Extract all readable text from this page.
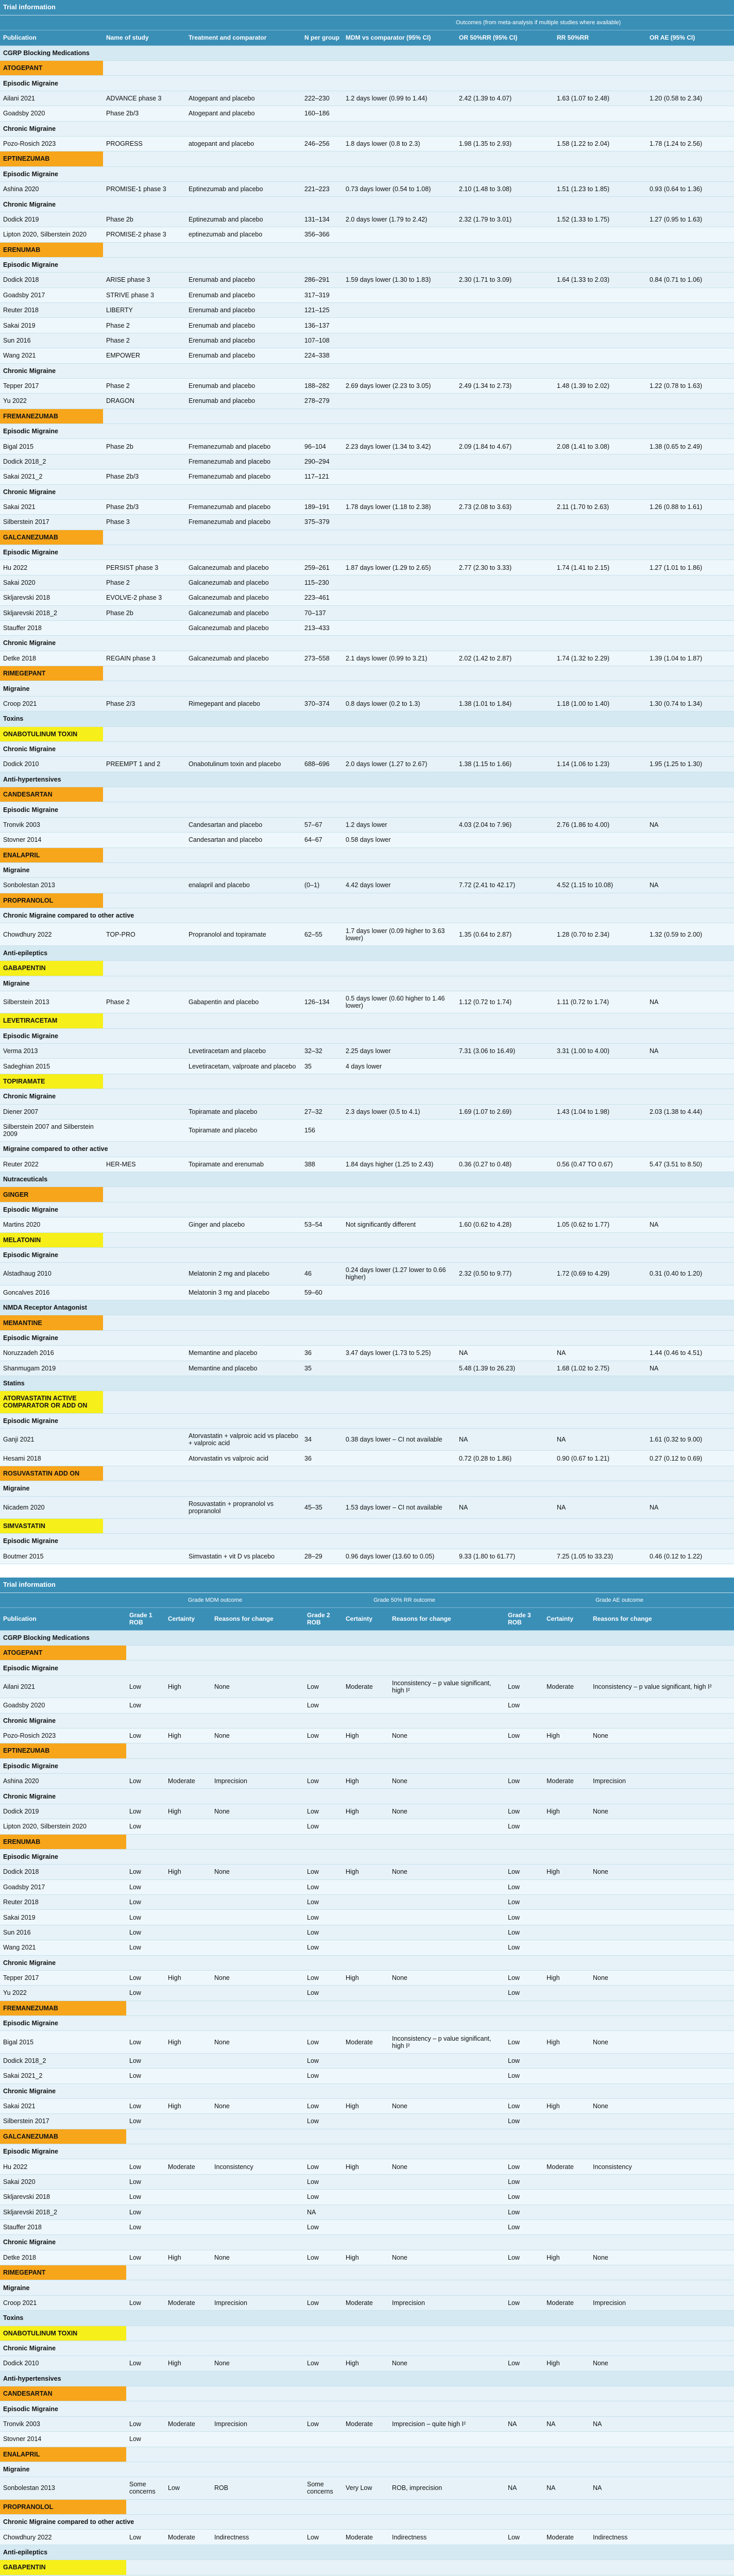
Trial information							
				Outcomes (from meta-analysis if multiple studies where available)			
Publication	Name of study	Treatment and comparator	N per group	MDM vs comparator (95% CI)	OR 50%RR (95% CI)	RR 50%RR	OR AE (95% CI)
CGRP Blocking Medications							
ATOGEPANT							
Episodic Migraine							
Ailani 2021	ADVANCE phase 3	Atogepant and placebo	222–230	1.2 days lower (0.99 to 1.44)	2.42 (1.39 to 4.07)	1.63 (1.07 to 2.48)	1.20 (0.58 to 2.34)
Goadsby 2020	Phase 2b/3	Atogepant and placebo	160–186				
Chronic Migraine							
Pozo-Rosich 2023	PROGRESS	atogepant and placebo	246–256	1.8 days lower (0.8 to 2.3)	1.98 (1.35 to 2.93)	1.58 (1.22 to 2.04)	1.78 (1.24 to 2.56)
EPTINEZUMAB							
Episodic Migraine							
Ashina 2020	PROMISE-1 phase 3	Eptinezumab and placebo	221–223	0.73 days lower (0.54 to 1.08)	2.10 (1.48 to 3.08)	1.51 (1.23 to 1.85)	0.93 (0.64 to 1.36)
Chronic Migraine							
Dodick 2019	Phase 2b	Eptinezumab and placebo	131–134	2.0 days lower (1.79 to 2.42)	2.32 (1.79 to 3.01)	1.52 (1.33 to 1.75)	1.27 (0.95 to 1.63)
Lipton 2020, Silberstein 2020	PROMISE-2 phase 3	eptinezumab and placebo	356–366				
ERENUMAB							
Episodic Migraine							
Dodick 2018	ARISE phase 3	Erenumab and placebo	286–291	1.59 days lower (1.30 to 1.83)	2.30 (1.71 to 3.09)	1.64 (1.33 to 2.03)	0.84 (0.71 to 1.06)
Goadsby 2017	STRIVE phase 3	Erenumab and placebo	317–319				
Reuter 2018	LIBERTY	Erenumab and placebo	121–125				
Sakai 2019	Phase 2	Erenumab and placebo	136–137				
Sun 2016	Phase 2	Erenumab and placebo	107–108				
Wang 2021	EMPOWER	Erenumab and placebo	224–338				
Chronic Migraine							
Tepper 2017	Phase 2	Erenumab and placebo	188–282	2.69 days lower (2.23 to 3.05)	2.49 (1.34 to 2.73)	1.48 (1.39 to 2.02)	1.22 (0.78 to 1.63)
Yu 2022	DRAGON	Erenumab and placebo	278–279				
FREMANEZUMAB							
Episodic Migraine							
Bigal 2015	Phase 2b	Fremanezumab and placebo	96–104	2.23 days lower (1.34 to 3.42)	2.09 (1.84 to 4.67)	2.08 (1.41 to 3.08)	1.38 (0.65 to 2.49)
Dodick 2018_2		Fremanezumab and placebo	290–294				
Sakai 2021_2	Phase 2b/3	Fremanezumab and placebo	117–121				
Chronic Migraine							
Sakai 2021	Phase 2b/3	Fremanezumab and placebo	189–191	1.78 days lower (1.18 to 2.38)	2.73 (2.08 to 3.63)	2.11 (1.70 to 2.63)	1.26 (0.88 to 1.61)
Silberstein 2017	Phase 3	Fremanezumab and placebo	375–379				
GALCANEZUMAB							
Episodic Migraine							
Hu 2022	PERSIST phase 3	Galcanezumab and placebo	259–261	1.87 days lower (1.29 to 2.65)	2.77 (2.30 to 3.33)	1.74 (1.41 to 2.15)	1.27 (1.01 to 1.86)
Sakai 2020	Phase 2	Galcanezumab and placebo	115–230				
Skljarevski 2018	EVOLVE-2 phase 3	Galcanezumab and placebo	223–461				
Skljarevski 2018_2	Phase 2b	Galcanezumab and placebo	70–137				
Stauffer 2018		Galcanezumab and placebo	213–433				
Chronic Migraine							
Detke 2018	REGAIN phase 3	Galcanezumab and placebo	273–558	2.1 days lower (0.99 to 3.21)	2.02 (1.42 to 2.87)	1.74 (1.32 to 2.29)	1.39 (1.04 to 1.87)
RIMEGEPANT							
Migraine							
Croop 2021	Phase 2/3	Rimegepant and placebo	370–374	0.8 days lower (0.2 to 1.3)	1.38 (1.01 to 1.84)	1.18 (1.00 to 1.40)	1.30 (0.74 to 1.34)
Toxins							
ONABOTULINUM TOXIN							
Chronic Migraine							
Dodick 2010	PREEMPT 1 and 2	Onabotulinum toxin and placebo	688–696	2.0 days lower (1.27 to 2.67)	1.38 (1.15 to 1.66)	1.14 (1.06 to 1.23)	1.95 (1.25 to 1.30)
Anti-hypertensives							
CANDESARTAN							
Episodic Migraine							
Tronvik 2003		Candesartan and placebo	57–67	1.2 days lower	4.03 (2.04 to 7.96)	2.76 (1.86 to 4.00)	NA
Stovner 2014		Candesartan and placebo	64–67	0.58 days lower			
ENALAPRIL							
Migraine							
Sonbolestan 2013		enalapril and placebo	(0–1)	4.42 days lower	7.72 (2.41 to 42.17)	4.52 (1.15 to 10.08)	NA
PROPRANOLOL							
Chronic Migraine compared to other active							
Chowdhury 2022	TOP-PRO	Propranolol and topiramate	62–55	1.7 days lower (0.09 higher to 3.63 lower)	1.35 (0.64 to 2.87)	1.28 (0.70 to 2.34)	1.32 (0.59 to 2.00)
Anti-epileptics							
GABAPENTIN							
Migraine							
Silberstein 2013	Phase 2	Gabapentin and placebo	126–134	0.5 days lower (0.60 higher to 1.46 lower)	1.12 (0.72 to 1.74)	1.11 (0.72 to 1.74)	NA
LEVETIRACETAM							
Episodic Migraine							
Verma 2013		Levetiracetam and placebo	32–32	2.25 days lower	7.31 (3.06 to 16.49)	3.31 (1.00 to 4.00)	NA
Sadeghian 2015		Levetiracetam, valproate and placebo	35	4 days lower			
TOPIRAMATE							
Chronic Migraine							
Diener 2007		Topiramate and placebo	27–32	2.3 days lower (0.5 to 4.1)	1.69 (1.07 to 2.69)	1.43 (1.04 to 1.98)	2.03 (1.38 to 4.44)
Silberstein 2007 and Silberstein 2009		Topiramate and placebo	156				
Migraine compared to other active							
Reuter 2022	HER-MES	Topiramate and erenumab	388	1.84 days higher (1.25 to 2.43)	0.36 (0.27 to 0.48)	0.56 (0.47 TO 0.67)	5.47 (3.51 to 8.50)
Nutraceuticals							
GINGER							
Episodic Migraine							
Martins 2020		Ginger and placebo	53–54	Not significantly different	1.60 (0.62 to 4.28)	1.05 (0.62 to 1.77)	NA
MELATONIN							
Episodic Migraine							
Alstadhaug 2010		Melatonin 2 mg and placebo	46	0.24 days lower (1.27 lower to 0.66 higher)	2.32 (0.50 to 9.77)	1.72 (0.69 to 4.29)	0.31 (0.40 to 1.20)
Goncalves 2016		Melatonin 3 mg and placebo	59–60				
NMDA Receptor Antagonist							
MEMANTINE							
Episodic Migraine							
Noruzzadeh 2016		Memantine and placebo	36	3.47 days lower (1.73 to 5.25)	NA	NA	1.44 (0.46 to 4.51)
Shanmugam 2019		Memantine and placebo	35		5.48 (1.39 to 26.23)	1.68 (1.02 to 2.75)	NA
Statins							
ATORVASTATIN ACTIVE COMPARATOR OR ADD ON							
Episodic Migraine							
Ganji 2021		Atorvastatin + valproic acid vs placebo + valproic acid	34	0.38 days lower – CI not available	NA	NA	1.61 (0.32 to 9.00)
Hesami 2018		Atorvastatin vs valproic acid	36		0.72 (0.28 to 1.86)	0.90 (0.67 to 1.21)	0.27 (0.12 to 0.69)
ROSUVASTATIN ADD ON							
Migraine							
Nicadem 2020		Rosuvastatin + propranolol vs propranolol	45–35	1.53 days lower – CI not available	NA	NA	NA
SIMVASTATIN							
Episodic Migraine							
Boutmer 2015		Simvastatin + vit D vs placebo	28–29	0.96 days lower (13.60 to 0.05)	9.33 (1.80 to 61.77)	7.25 (1.05 to 33.23)	0.46 (0.12 to 1.22)
Trial information									
	Grade MDM outcome			Grade 50% RR outcome			Grade AE outcome		
Publication	Grade 1 ROB	Certainty	Reasons for change	Grade 2 ROB	Certainty	Reasons for change	Grade 3 ROB	Certainty	Reasons for change
CGRP Blocking Medications									
ATOGEPANT									
Episodic Migraine									
Ailani 2021	Low	High	None	Low	Moderate	Inconsistency – p value significant, high I²	Low	Moderate	Inconsistency – p value significant, high I²
Goadsby 2020	Low			Low			Low		
Chronic Migraine									
Pozo-Rosich 2023	Low	High	None	Low	High	None	Low	High	None
EPTINEZUMAB									
Episodic Migraine									
Ashina 2020	Low	Moderate	Imprecision	Low	High	None	Low	Moderate	Imprecision
Chronic Migraine									
Dodick 2019	Low	High	None	Low	High	None	Low	High	None
Lipton 2020, Silberstein 2020	Low			Low			Low		
ERENUMAB									
Episodic Migraine									
Dodick 2018	Low	High	None	Low	High	None	Low	High	None
Goadsby 2017	Low			Low			Low		
Reuter 2018	Low			Low			Low		
Sakai 2019	Low			Low			Low		
Sun 2016	Low			Low			Low		
Wang 2021	Low			Low			Low		
Chronic Migraine									
Tepper 2017	Low	High	None	Low	High	None	Low	High	None
Yu 2022	Low			Low			Low		
FREMANEZUMAB									
Episodic Migraine									
Bigal 2015	Low	High	None	Low	Moderate	Inconsistency – p value significant, high I²	Low	High	None
Dodick 2018_2	Low			Low			Low		
Sakai 2021_2	Low			Low			Low		
Chronic Migraine									
Sakai 2021	Low	High	None	Low	High	None	Low	High	None
Silberstein 2017	Low			Low			Low		
GALCANEZUMAB									
Episodic Migraine									
Hu 2022	Low	Moderate	Inconsistency	Low	High	None	Low	Moderate	Inconsistency
Sakai 2020	Low			Low			Low		
Skljarevski 2018	Low			Low			Low		
Skljarevski 2018_2	Low			NA			Low		
Stauffer 2018	Low			Low			Low		
Chronic Migraine									
Detke 2018	Low	High	None	Low	High	None	Low	High	None
RIMEGEPANT									
Migraine									
Croop 2021	Low	Moderate	Imprecision	Low	Moderate	Imprecision	Low	Moderate	Imprecision
Toxins									
ONABOTULINUM TOXIN									
Chronic Migraine									
Dodick 2010	Low	High	None	Low	High	None	Low	High	None
Anti-hypertensives									
CANDESARTAN									
Episodic Migraine									
Tronvik 2003	Low	Moderate	Imprecision	Low	Moderate	Imprecision – quite high I²	NA	NA	NA
Stovner 2014	Low								
ENALAPRIL									
Migraine									
Sonbolestan 2013	Some concerns	Low	ROB	Some concerns	Very Low	ROB, imprecision	NA	NA	NA
PROPRANOLOL									
Chronic Migraine compared to other active									
Chowdhury 2022	Low	Moderate	Indirectness	Low	Moderate	Indirectness	Low	Moderate	Indirectness
Anti-epileptics									
GABAPENTIN									
